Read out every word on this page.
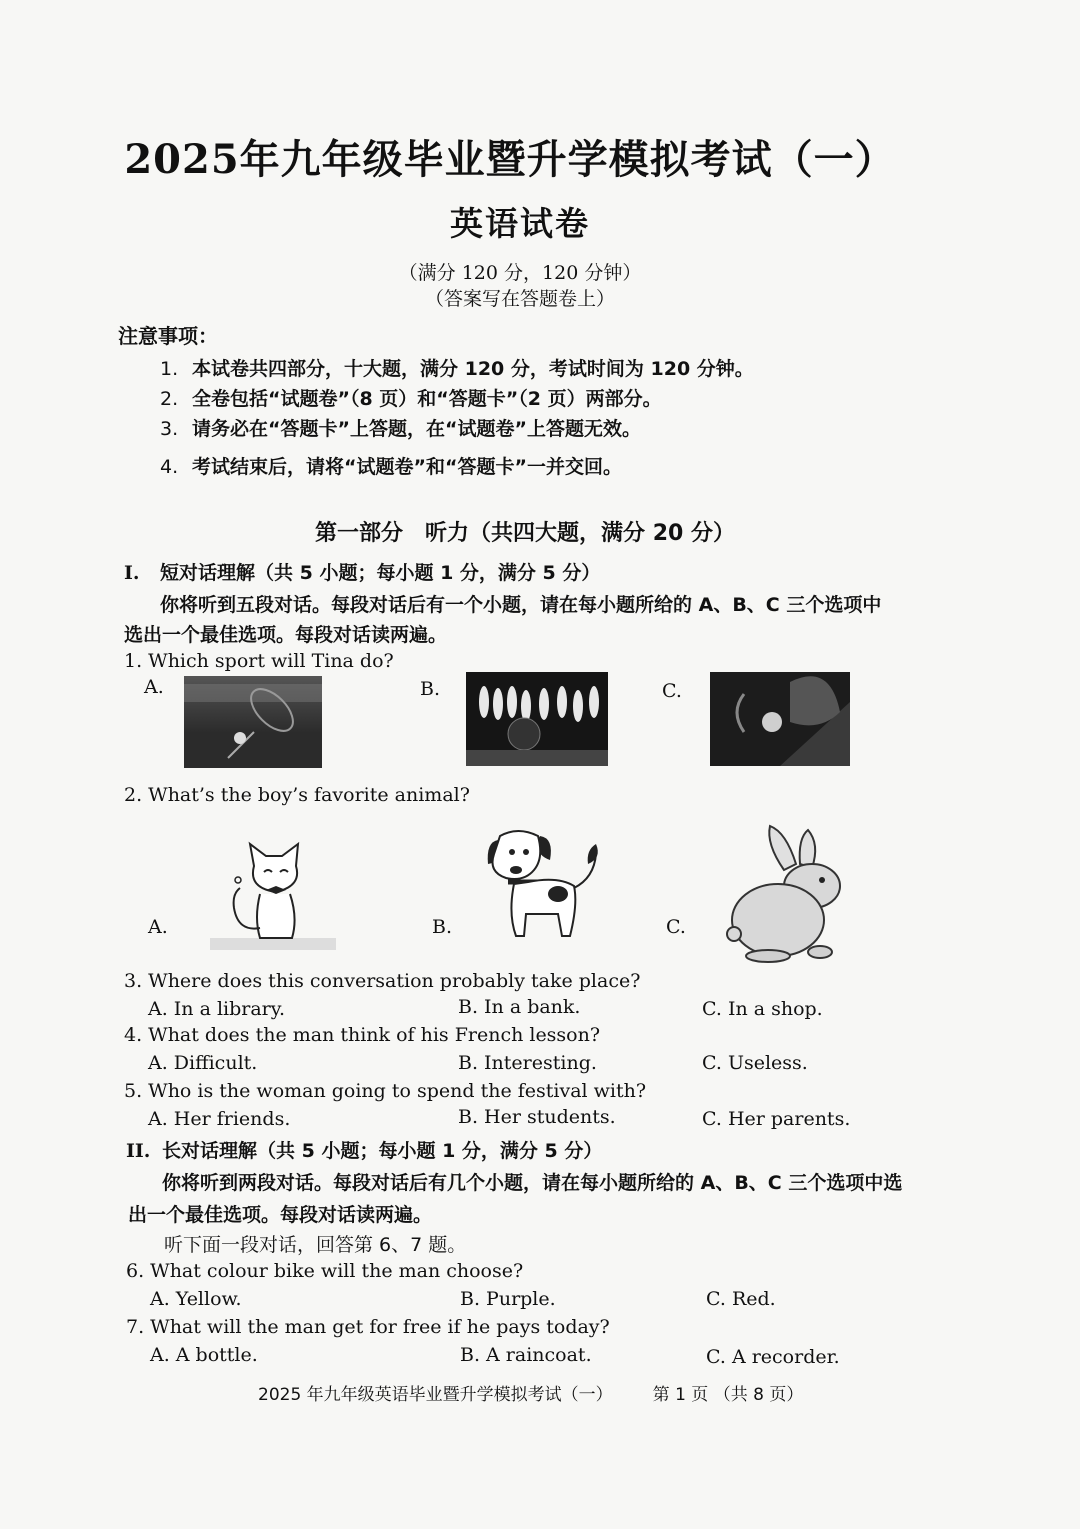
2025年九年级毕业暨升学模拟考试（一）
英语试卷
（满分 120 分，120 分钟）
（答案写在答题卷上）
注意事项：
1. 本试卷共四部分，十大题，满分 120 分，考试时间为 120 分钟。
2. 全卷包括“试题卷”（8 页）和“答题卡”（2 页）两部分。
3. 请务必在“答题卡”上答题，在“试题卷”上答题无效。
4. 考试结束后，请将“试题卷”和“答题卡”一并交回。
第一部分　听力（共四大题，满分 20 分）
I. 短对话理解（共 5 小题；每小题 1 分，满分 5 分）
你将听到五段对话。每段对话后有一个小题，请在每小题所给的 A、B、C 三个选项中
选出一个最佳选项。每段对话读两遍。
1. Which sport will Tina do?
A.	B.	C.
2. What’s the boy’s favorite animal?
A.	B.	C.
3. Where does this conversation probably take place?
A. In a library.	B. In a bank.	C. In a shop.
4. What does the man think of his French lesson?
A. Difficult.	B. Interesting.	C. Useless.
5. Who is the woman going to spend the festival with?
A. Her friends.	B. Her students.	C. Her parents.
II. 长对话理解（共 5 小题；每小题 1 分，满分 5 分）
你将听到两段对话。每段对话后有几个小题，请在每小题所给的 A、B、C 三个选项中选
出一个最佳选项。每段对话读两遍。
听下面一段对话，回答第 6、7 题。
6. What colour bike will the man choose?
A. Yellow.	B. Purple.	C. Red.
7. What will the man get for free if he pays today?
A. A bottle.	B. A raincoat.	C. A recorder.
2025 年九年级英语毕业暨升学模拟考试（一） 第 1 页 （共 8 页）
